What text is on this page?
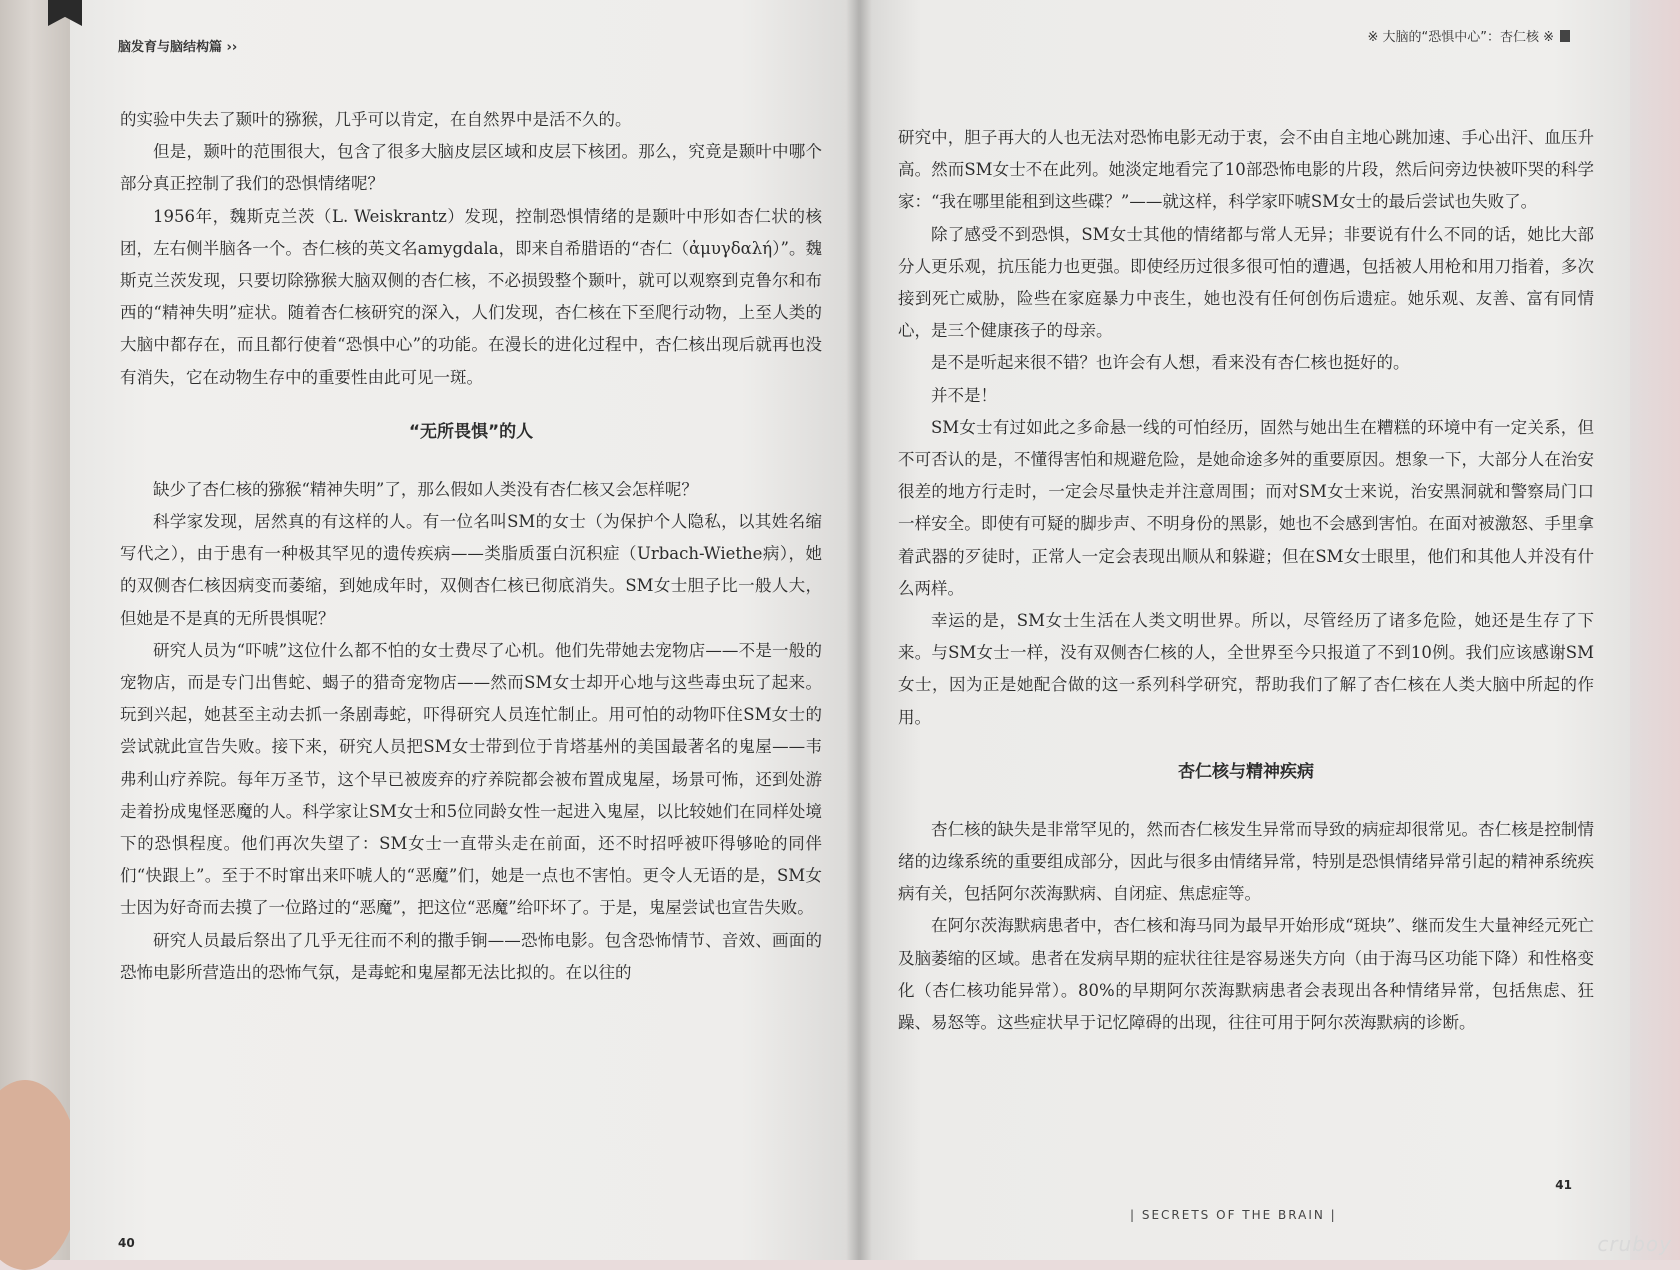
脑发育与脑结构篇 ››

的实验中失去了颞叶的猕猴，几乎可以肯定，在自然界中是活不久的。

但是，颞叶的范围很大，包含了很多大脑皮层区域和皮层下核团。那么，究竟是颞叶中哪个部分真正控制了我们的恐惧情绪呢？

1956年，魏斯克兰茨（L. Weiskrantz）发现，控制恐惧情绪的是颞叶中形如杏仁状的核团，左右侧半脑各一个。杏仁核的英文名amygdala，即来自希腊语的“杏仁（ἀμυγδαλή）”。魏斯克兰茨发现，只要切除猕猴大脑双侧的杏仁核，不必损毁整个颞叶，就可以观察到克鲁尔和布西的“精神失明”症状。随着杏仁核研究的深入，人们发现，杏仁核在下至爬行动物，上至人类的大脑中都存在，而且都行使着“恐惧中心”的功能。在漫长的进化过程中，杏仁核出现后就再也没有消失，它在动物生存中的重要性由此可见一斑。

“无所畏惧”的人

缺少了杏仁核的猕猴“精神失明”了，那么假如人类没有杏仁核又会怎样呢？

科学家发现，居然真的有这样的人。有一位名叫SM的女士（为保护个人隐私，以其姓名缩写代之），由于患有一种极其罕见的遗传疾病——类脂质蛋白沉积症（Urbach-Wiethe病），她的双侧杏仁核因病变而萎缩，到她成年时，双侧杏仁核已彻底消失。SM女士胆子比一般人大，但她是不是真的无所畏惧呢？

研究人员为“吓唬”这位什么都不怕的女士费尽了心机。他们先带她去宠物店——不是一般的宠物店，而是专门出售蛇、蝎子的猎奇宠物店——然而SM女士却开心地与这些毒虫玩了起来。玩到兴起，她甚至主动去抓一条剧毒蛇，吓得研究人员连忙制止。用可怕的动物吓住SM女士的尝试就此宣告失败。接下来，研究人员把SM女士带到位于肯塔基州的美国最著名的鬼屋——韦弗利山疗养院。每年万圣节，这个早已被废弃的疗养院都会被布置成鬼屋，场景可怖，还到处游走着扮成鬼怪恶魔的人。科学家让SM女士和5位同龄女性一起进入鬼屋，以比较她们在同样处境下的恐惧程度。他们再次失望了：SM女士一直带头走在前面，还不时招呼被吓得够呛的同伴们“快跟上”。至于不时窜出来吓唬人的“恶魔”们，她是一点也不害怕。更令人无语的是，SM女士因为好奇而去摸了一位路过的“恶魔”，把这位“恶魔”给吓坏了。于是，鬼屋尝试也宣告失败。

研究人员最后祭出了几乎无往而不利的撒手锏——恐怖电影。包含恐怖情节、音效、画面的恐怖电影所营造出的恐怖气氛，是毒蛇和鬼屋都无法比拟的。在以往的

40
※ 大脑的“恐惧中心”：杏仁核 ※

研究中，胆子再大的人也无法对恐怖电影无动于衷，会不由自主地心跳加速、手心出汗、血压升高。然而SM女士不在此列。她淡定地看完了10部恐怖电影的片段，然后问旁边快被吓哭的科学家：“我在哪里能租到这些碟？”——就这样，科学家吓唬SM女士的最后尝试也失败了。

除了感受不到恐惧，SM女士其他的情绪都与常人无异；非要说有什么不同的话，她比大部分人更乐观，抗压能力也更强。即使经历过很多很可怕的遭遇，包括被人用枪和用刀指着，多次接到死亡威胁，险些在家庭暴力中丧生，她也没有任何创伤后遗症。她乐观、友善、富有同情心，是三个健康孩子的母亲。

是不是听起来很不错？也许会有人想，看来没有杏仁核也挺好的。

并不是！

SM女士有过如此之多命悬一线的可怕经历，固然与她出生在糟糕的环境中有一定关系，但不可否认的是，不懂得害怕和规避危险，是她命途多舛的重要原因。想象一下，大部分人在治安很差的地方行走时，一定会尽量快走并注意周围；而对SM女士来说，治安黑洞就和警察局门口一样安全。即使有可疑的脚步声、不明身份的黑影，她也不会感到害怕。在面对被激怒、手里拿着武器的歹徒时，正常人一定会表现出顺从和躲避；但在SM女士眼里，他们和其他人并没有什么两样。

幸运的是，SM女士生活在人类文明世界。所以，尽管经历了诸多危险，她还是生存了下来。与SM女士一样，没有双侧杏仁核的人，全世界至今只报道了不到10例。我们应该感谢SM女士，因为正是她配合做的这一系列科学研究，帮助我们了解了杏仁核在人类大脑中所起的作用。

杏仁核与精神疾病

杏仁核的缺失是非常罕见的，然而杏仁核发生异常而导致的病症却很常见。杏仁核是控制情绪的边缘系统的重要组成部分，因此与很多由情绪异常，特别是恐惧情绪异常引起的精神系统疾病有关，包括阿尔茨海默病、自闭症、焦虑症等。

在阿尔茨海默病患者中，杏仁核和海马同为最早开始形成“斑块”、继而发生大量神经元死亡及脑萎缩的区域。患者在发病早期的症状往往是容易迷失方向（由于海马区功能下降）和性格变化（杏仁核功能异常）。80%的早期阿尔茨海默病患者会表现出各种情绪异常，包括焦虑、狂躁、易怒等。这些症状早于记忆障碍的出现，往往可用于阿尔茨海默病的诊断。

41
| SECRETS OF THE BRAIN |
cruboy
